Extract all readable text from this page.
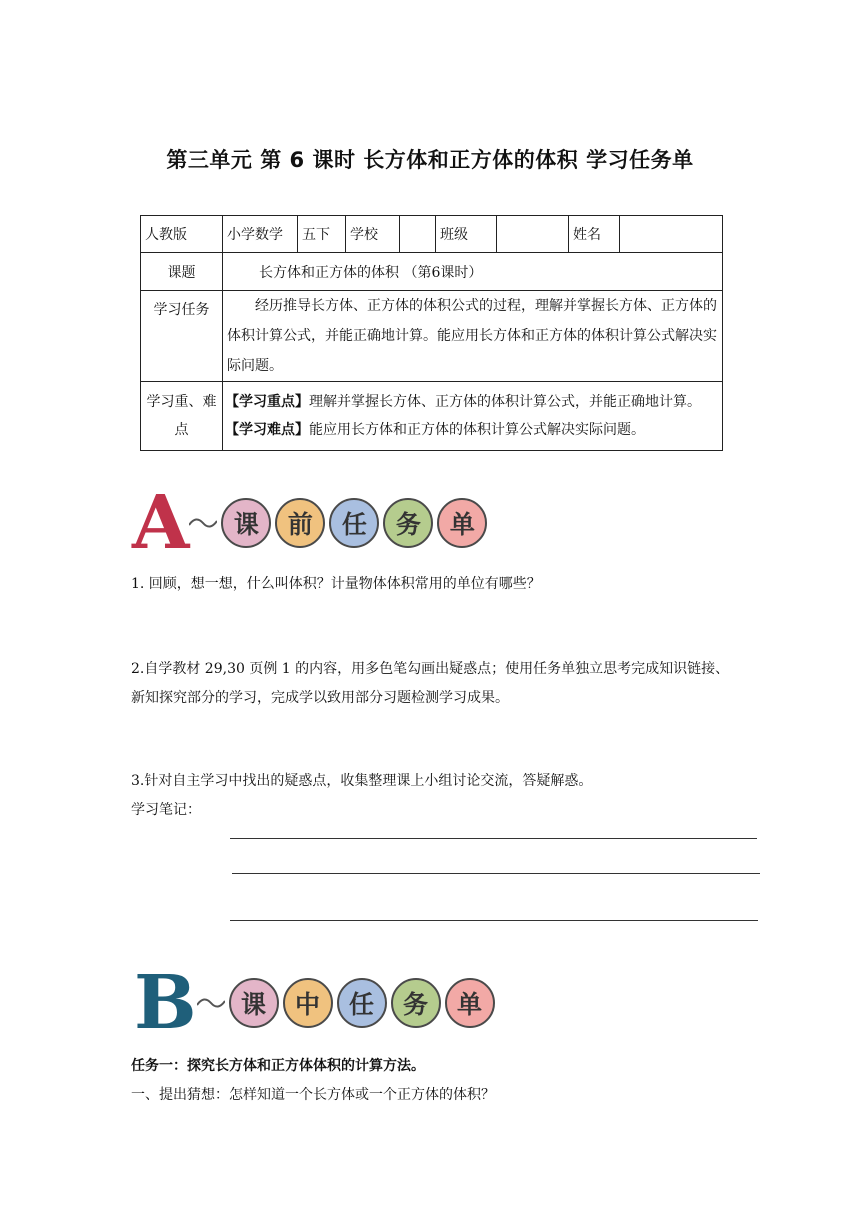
第三单元 第 6 课时 长方体和正方体的体积 学习任务单
人教版	小学数学	五下	学校		班级		姓名	
课题	长方体和正方体的体积 （第6课时）							
学习任务	经历推导长方体、正方体的体积公式的过程，理解并掌握长方体、正方体的体积计算公式，并能正确地计算。能应用长方体和正方体的体积计算公式解决实际问题。							
学习重、难点	【学习重点】理解并掌握长方体、正方体的体积计算公式，并能正确地计算。
【学习难点】能应用长方体和正方体的体积计算公式解决实际问题。							
A	课	前	任	务	单
1. 回顾，想一想，什么叫体积？计量物体体积常用的单位有哪些？
2.自学教材 29,30 页例 1 的内容，用多色笔勾画出疑惑点；使用任务单独立思考完成知识链接、新知探究部分的学习，完成学以致用部分习题检测学习成果。
3.针对自主学习中找出的疑惑点，收集整理课上小组讨论交流，答疑解惑。
学习笔记：
B	课	中	任	务	单
任务一：探究长方体和正方体体积的计算方法。
一、提出猜想：怎样知道一个长方体或一个正方体的体积？
